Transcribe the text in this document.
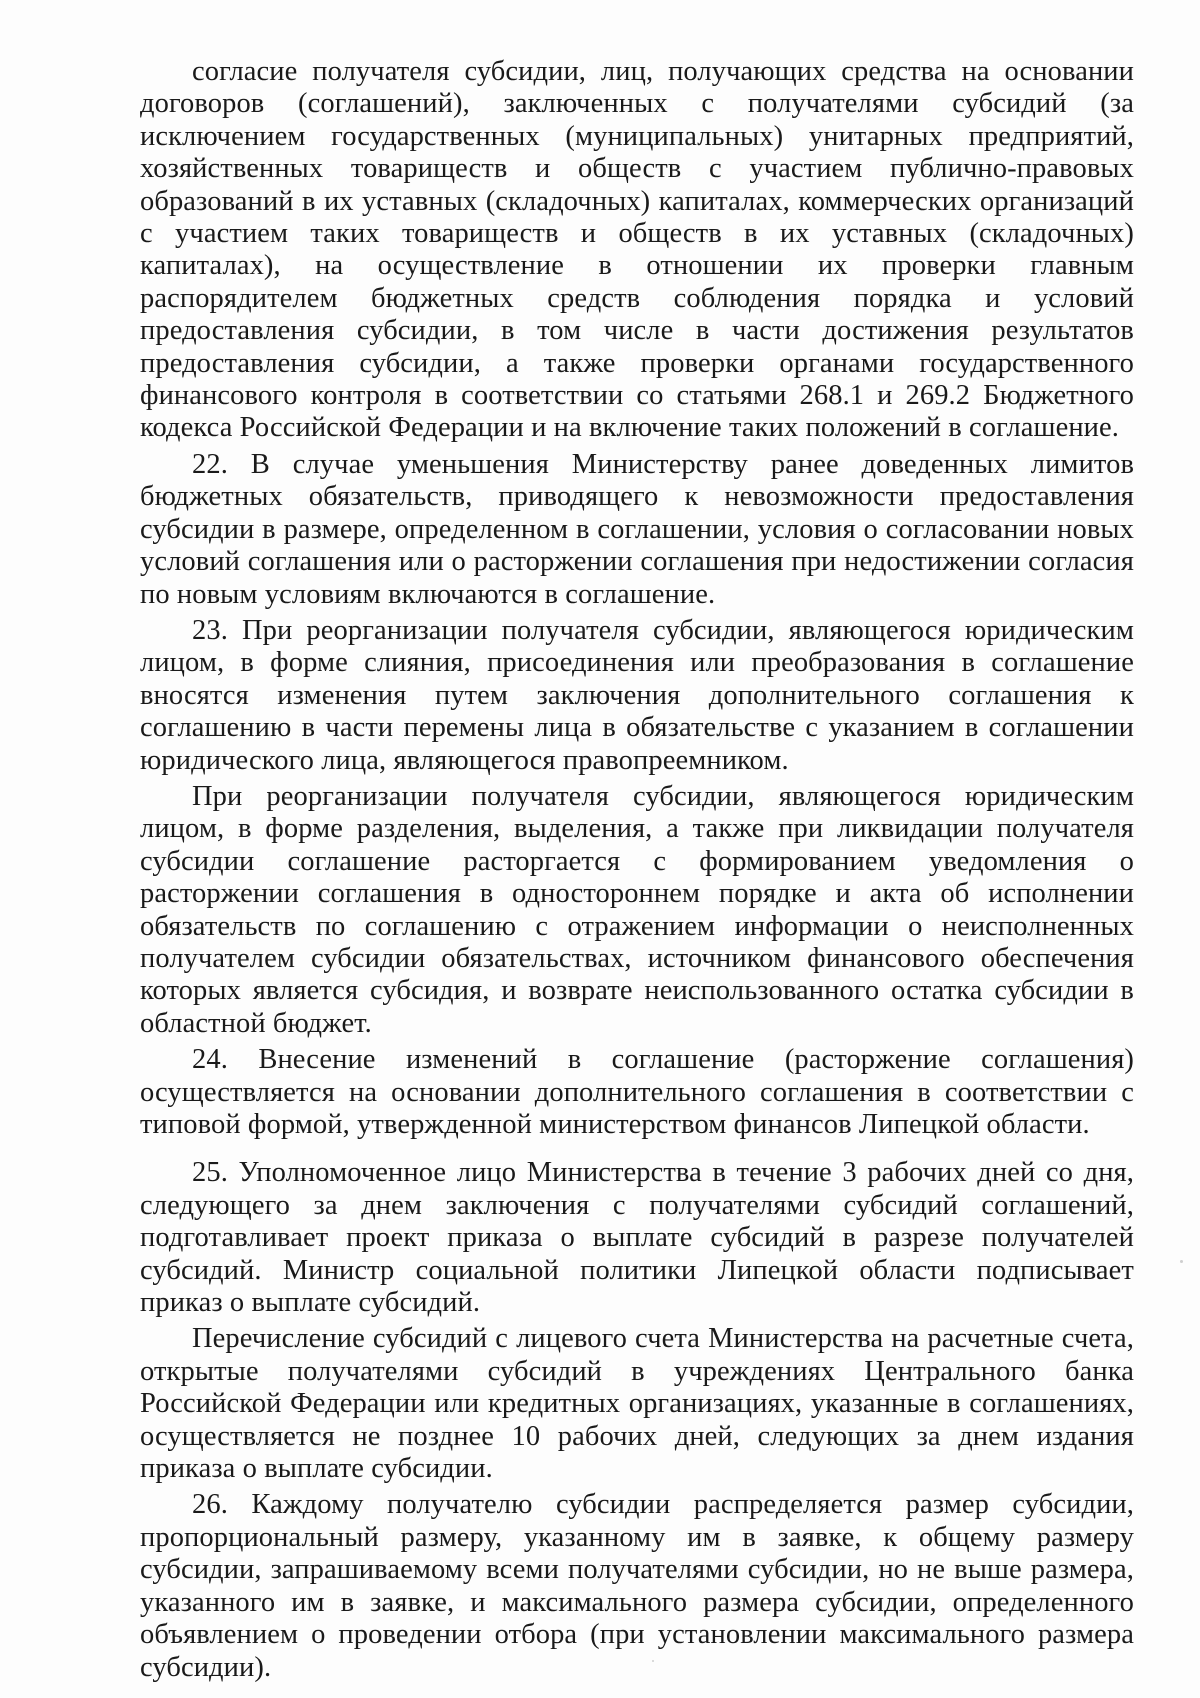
согласие получателя субсидии, лиц, получающих средства на основании договоров (соглашений), заключенных с получателями субсидий (за исключением государственных (муниципальных) унитарных предприятий, хозяйственных товариществ и обществ с участием публично-правовых образований в их уставных (складочных) капиталах, коммерческих организаций с участием таких товариществ и обществ в их уставных (складочных) капиталах), на осуществление в отношении их проверки главным распорядителем бюджетных средств соблюдения порядка и условий предоставления субсидии, в том числе в части достижения результатов предоставления субсидии, а также проверки органами государственного финансового контроля в соответствии со статьями 268.1 и 269.2 Бюджетного кодекса Российской Федерации и на включение таких положений в соглашение.

22. В случае уменьшения Министерству ранее доведенных лимитов бюджетных обязательств, приводящего к невозможности предоставления субсидии в размере, определенном в соглашении, условия о согласовании новых условий соглашения или о расторжении соглашения при недостижении согласия по новым условиям включаются в соглашение.

23. При реорганизации получателя субсидии, являющегося юридическим лицом, в форме слияния, присоединения или преобразования в соглашение вносятся изменения путем заключения дополнительного соглашения к соглашению в части перемены лица в обязательстве с указанием в соглашении юридического лица, являющегося правопреемником.

При реорганизации получателя субсидии, являющегося юридическим лицом, в форме разделения, выделения, а также при ликвидации получателя субсидии соглашение расторгается с формированием уведомления о расторжении соглашения в одностороннем порядке и акта об исполнении обязательств по соглашению с отражением информации о неисполненных получателем субсидии обязательствах, источником финансового обеспечения которых является субсидия, и возврате неиспользованного остатка субсидии в областной бюджет.

24. Внесение изменений в соглашение (расторжение соглашения) осуществляется на основании дополнительного соглашения в соответствии с типовой формой, утвержденной министерством финансов Липецкой области.

25. Уполномоченное лицо Министерства в течение 3 рабочих дней со дня, следующего за днем заключения с получателями субсидий соглашений, подготавливает проект приказа о выплате субсидий в разрезе получателей субсидий. Министр социальной политики Липецкой области подписывает приказ о выплате субсидий.

Перечисление субсидий с лицевого счета Министерства на расчетные счета, открытые получателями субсидий в учреждениях Центрального банка Российской Федерации или кредитных организациях, указанные в соглашениях, осуществляется не позднее 10 рабочих дней, следующих за днем издания приказа о выплате субсидии.

26. Каждому получателю субсидии распределяется размер субсидии, пропорциональный размеру, указанному им в заявке, к общему размеру субсидии, запрашиваемому всеми получателями субсидии, но не выше размера, указанного им в заявке, и максимального размера субсидии, определенного объявлением о проведении отбора (при установлении максимального размера субсидии).
